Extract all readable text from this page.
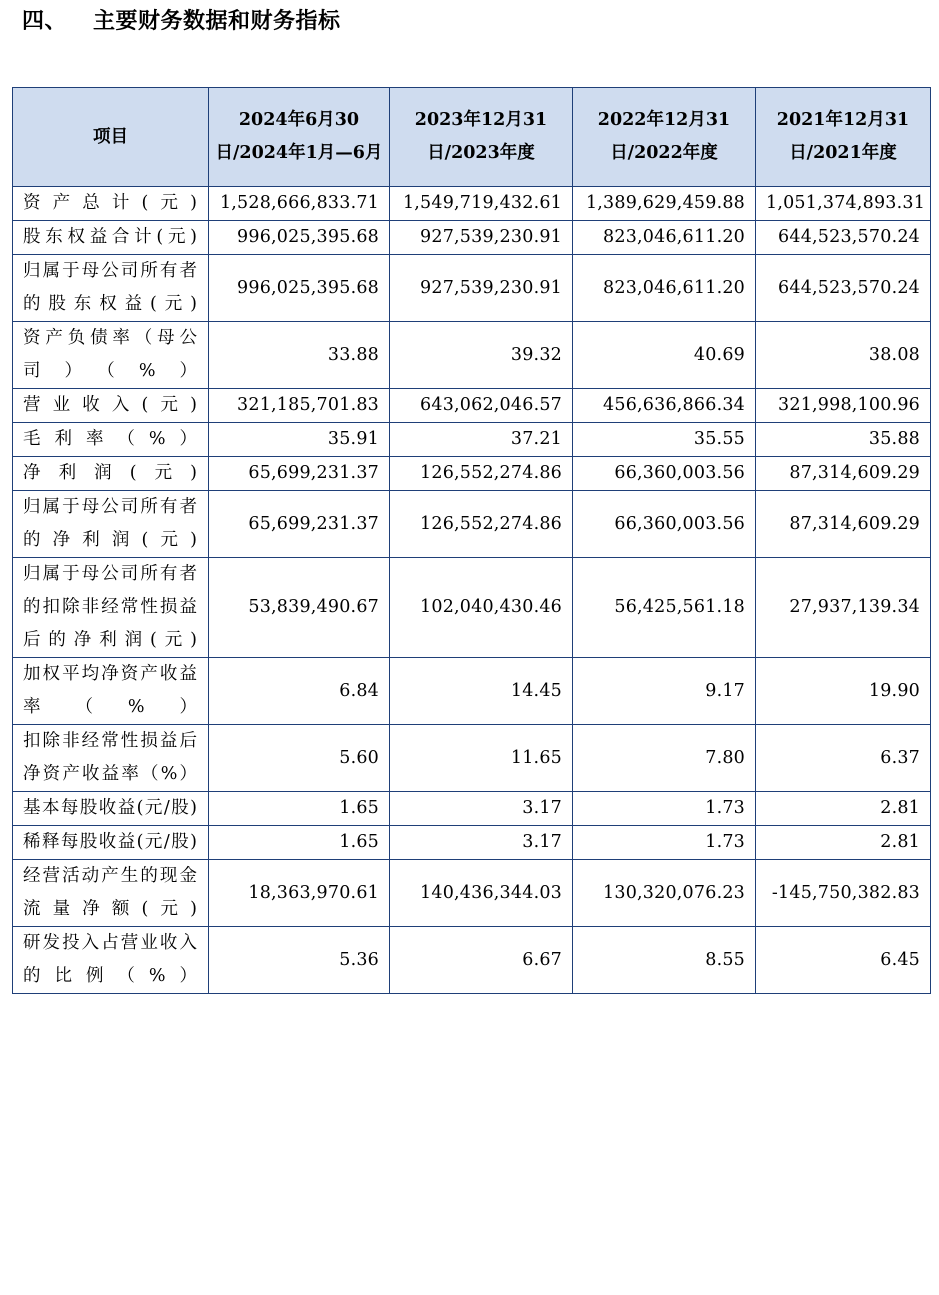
四、 主要财务数据和财务指标
项目	2024年6月30日/2024年1月—6月	2023年12月31日/2023年度	2022年12月31日/2022年度	2021年12月31日/2021年度
资产总计(元)	1,528,666,833.71	1,549,719,432.61	1,389,629,459.88	1,051,374,893.31
股东权益合计(元)	996,025,395.68	927,539,230.91	823,046,611.20	644,523,570.24
归属于母公司所有者的股东权益(元)	996,025,395.68	927,539,230.91	823,046,611.20	644,523,570.24
资产负债率（母公司）（%）	33.88	39.32	40.69	38.08
营业收入(元)	321,185,701.83	643,062,046.57	456,636,866.34	321,998,100.96
毛利率（%）	35.91	37.21	35.55	35.88
净利润(元)	65,699,231.37	126,552,274.86	66,360,003.56	87,314,609.29
归属于母公司所有者的净利润(元)	65,699,231.37	126,552,274.86	66,360,003.56	87,314,609.29
归属于母公司所有者的扣除非经常性损益后的净利润(元)	53,839,490.67	102,040,430.46	56,425,561.18	27,937,139.34
加权平均净资产收益率（%）	6.84	14.45	9.17	19.90
扣除非经常性损益后净资产收益率（%）	5.60	11.65	7.80	6.37
基本每股收益(元/股)	1.65	3.17	1.73	2.81
稀释每股收益(元/股)	1.65	3.17	1.73	2.81
经营活动产生的现金流量净额(元)	18,363,970.61	140,436,344.03	130,320,076.23	-145,750,382.83
研发投入占营业收入的比例（%）	5.36	6.67	8.55	6.45
